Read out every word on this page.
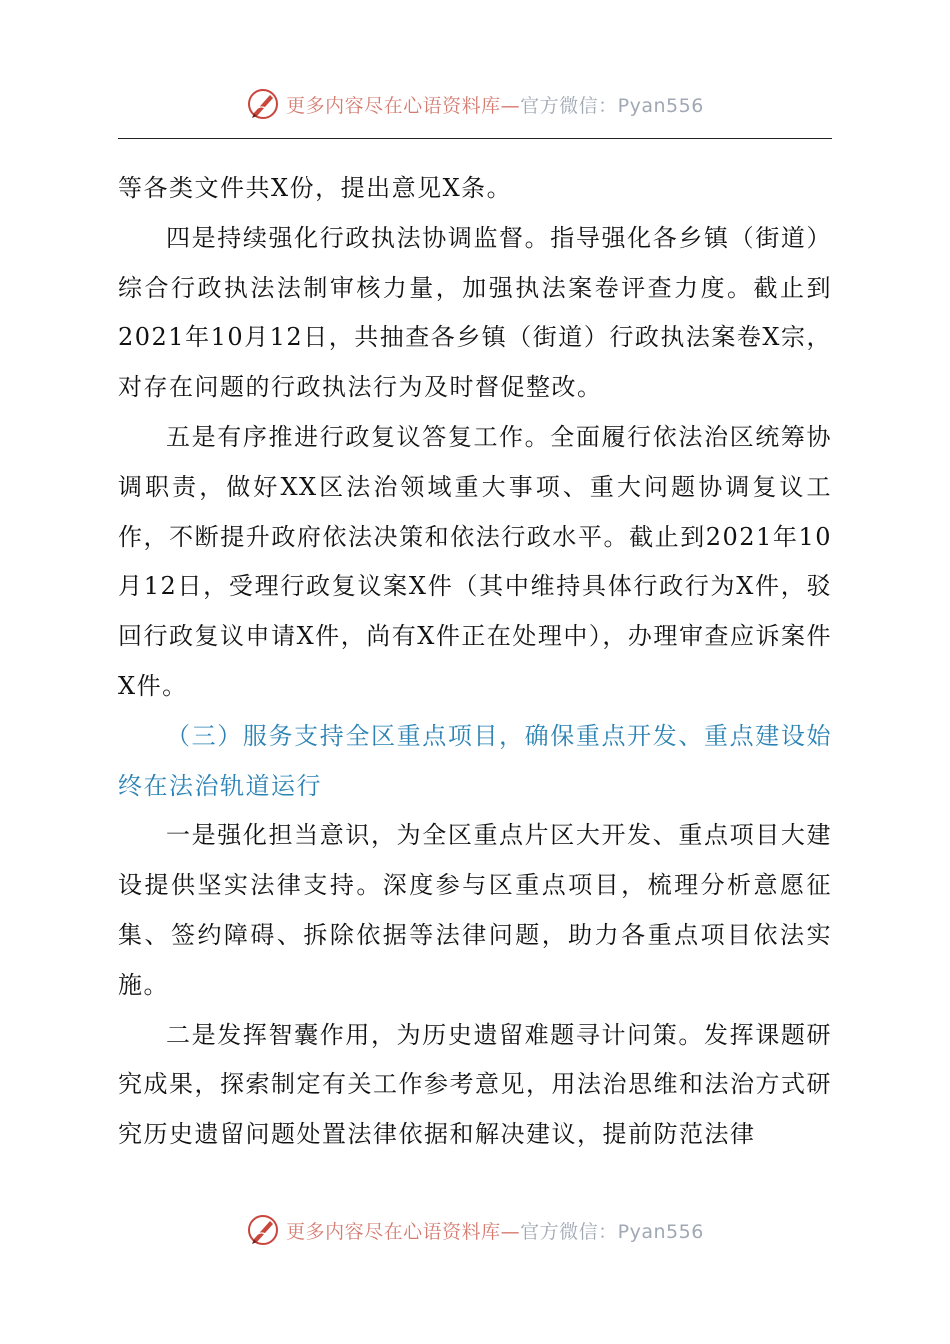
更多内容尽在心语资料库—官方微信：Pyan556

等各类文件共X份，提出意见X条。

四是持续强化行政执法协调监督。指导强化各乡镇（街道）综合行政执法法制审核力量，加强执法案卷评查力度。截止到2021年10月12日，共抽查各乡镇（街道）行政执法案卷X宗，对存在问题的行政执法行为及时督促整改。

五是有序推进行政复议答复工作。全面履行依法治区统筹协调职责，做好XX区法治领域重大事项、重大问题协调复议工作，不断提升政府依法决策和依法行政水平。截止到2021年10月12日，受理行政复议案X件（其中维持具体行政行为X件，驳回行政复议申请X件，尚有X件正在处理中），办理审查应诉案件X件。

（三）服务支持全区重点项目，确保重点开发、重点建设始终在法治轨道运行

一是强化担当意识，为全区重点片区大开发、重点项目大建设提供坚实法律支持。深度参与区重点项目，梳理分析意愿征集、签约障碍、拆除依据等法律问题，助力各重点项目依法实施。

二是发挥智囊作用，为历史遗留难题寻计问策。发挥课题研究成果，探索制定有关工作参考意见，用法治思维和法治方式研究历史遗留问题处置法律依据和解决建议，提前防范法律

更多内容尽在心语资料库—官方微信：Pyan556
